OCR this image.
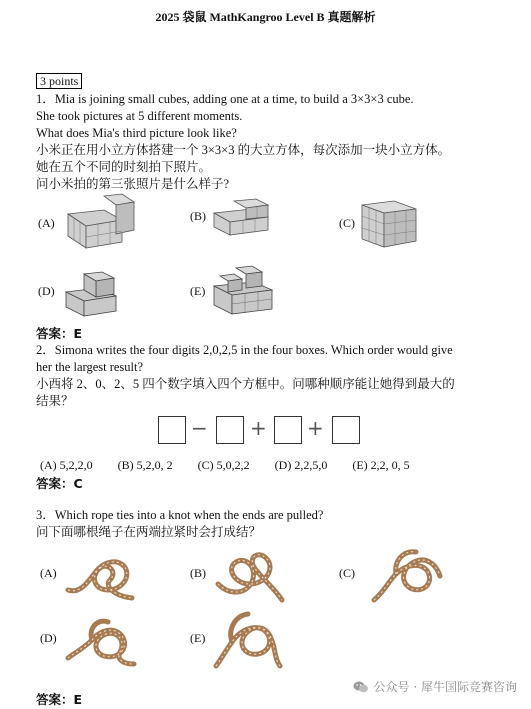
2025 袋鼠 MathKangroo Level B 真题解析
3 points
1．Mia is joining small cubes, adding one at a time, to build a 3×3×3 cube.
She took pictures at 5 different moments.
What does Mia's third picture look like?
小米正在用小立方体搭建一个 3×3×3 的大立方体，每次添加一块小立方体。
她在五个不同的时刻拍下照片。
问小米拍的第三张照片是什么样子?
(A)	(B)	(C)
(D)	(E)
答案：E
2．Simona writes the four digits 2,0,2,5 in the four boxes. Which order would give
her the largest result?
小西将 2、0、2、5 四个数字填入四个方框中。问哪种顺序能让她得到最大的
结果？
− + +
(A) 5,2,2,0 (B) 5,2,0, 2 (C) 5,0,2,2 (D) 2,2,5,0 (E) 2,2, 0, 5
答案：C
3．Which rope ties into a knot when the ends are pulled?
问下面哪根绳子在两端拉紧时会打成结？
(A)	(B)	(C)
(D)	(E)
答案：E
公众号 · 犀牛国际竞赛咨询
